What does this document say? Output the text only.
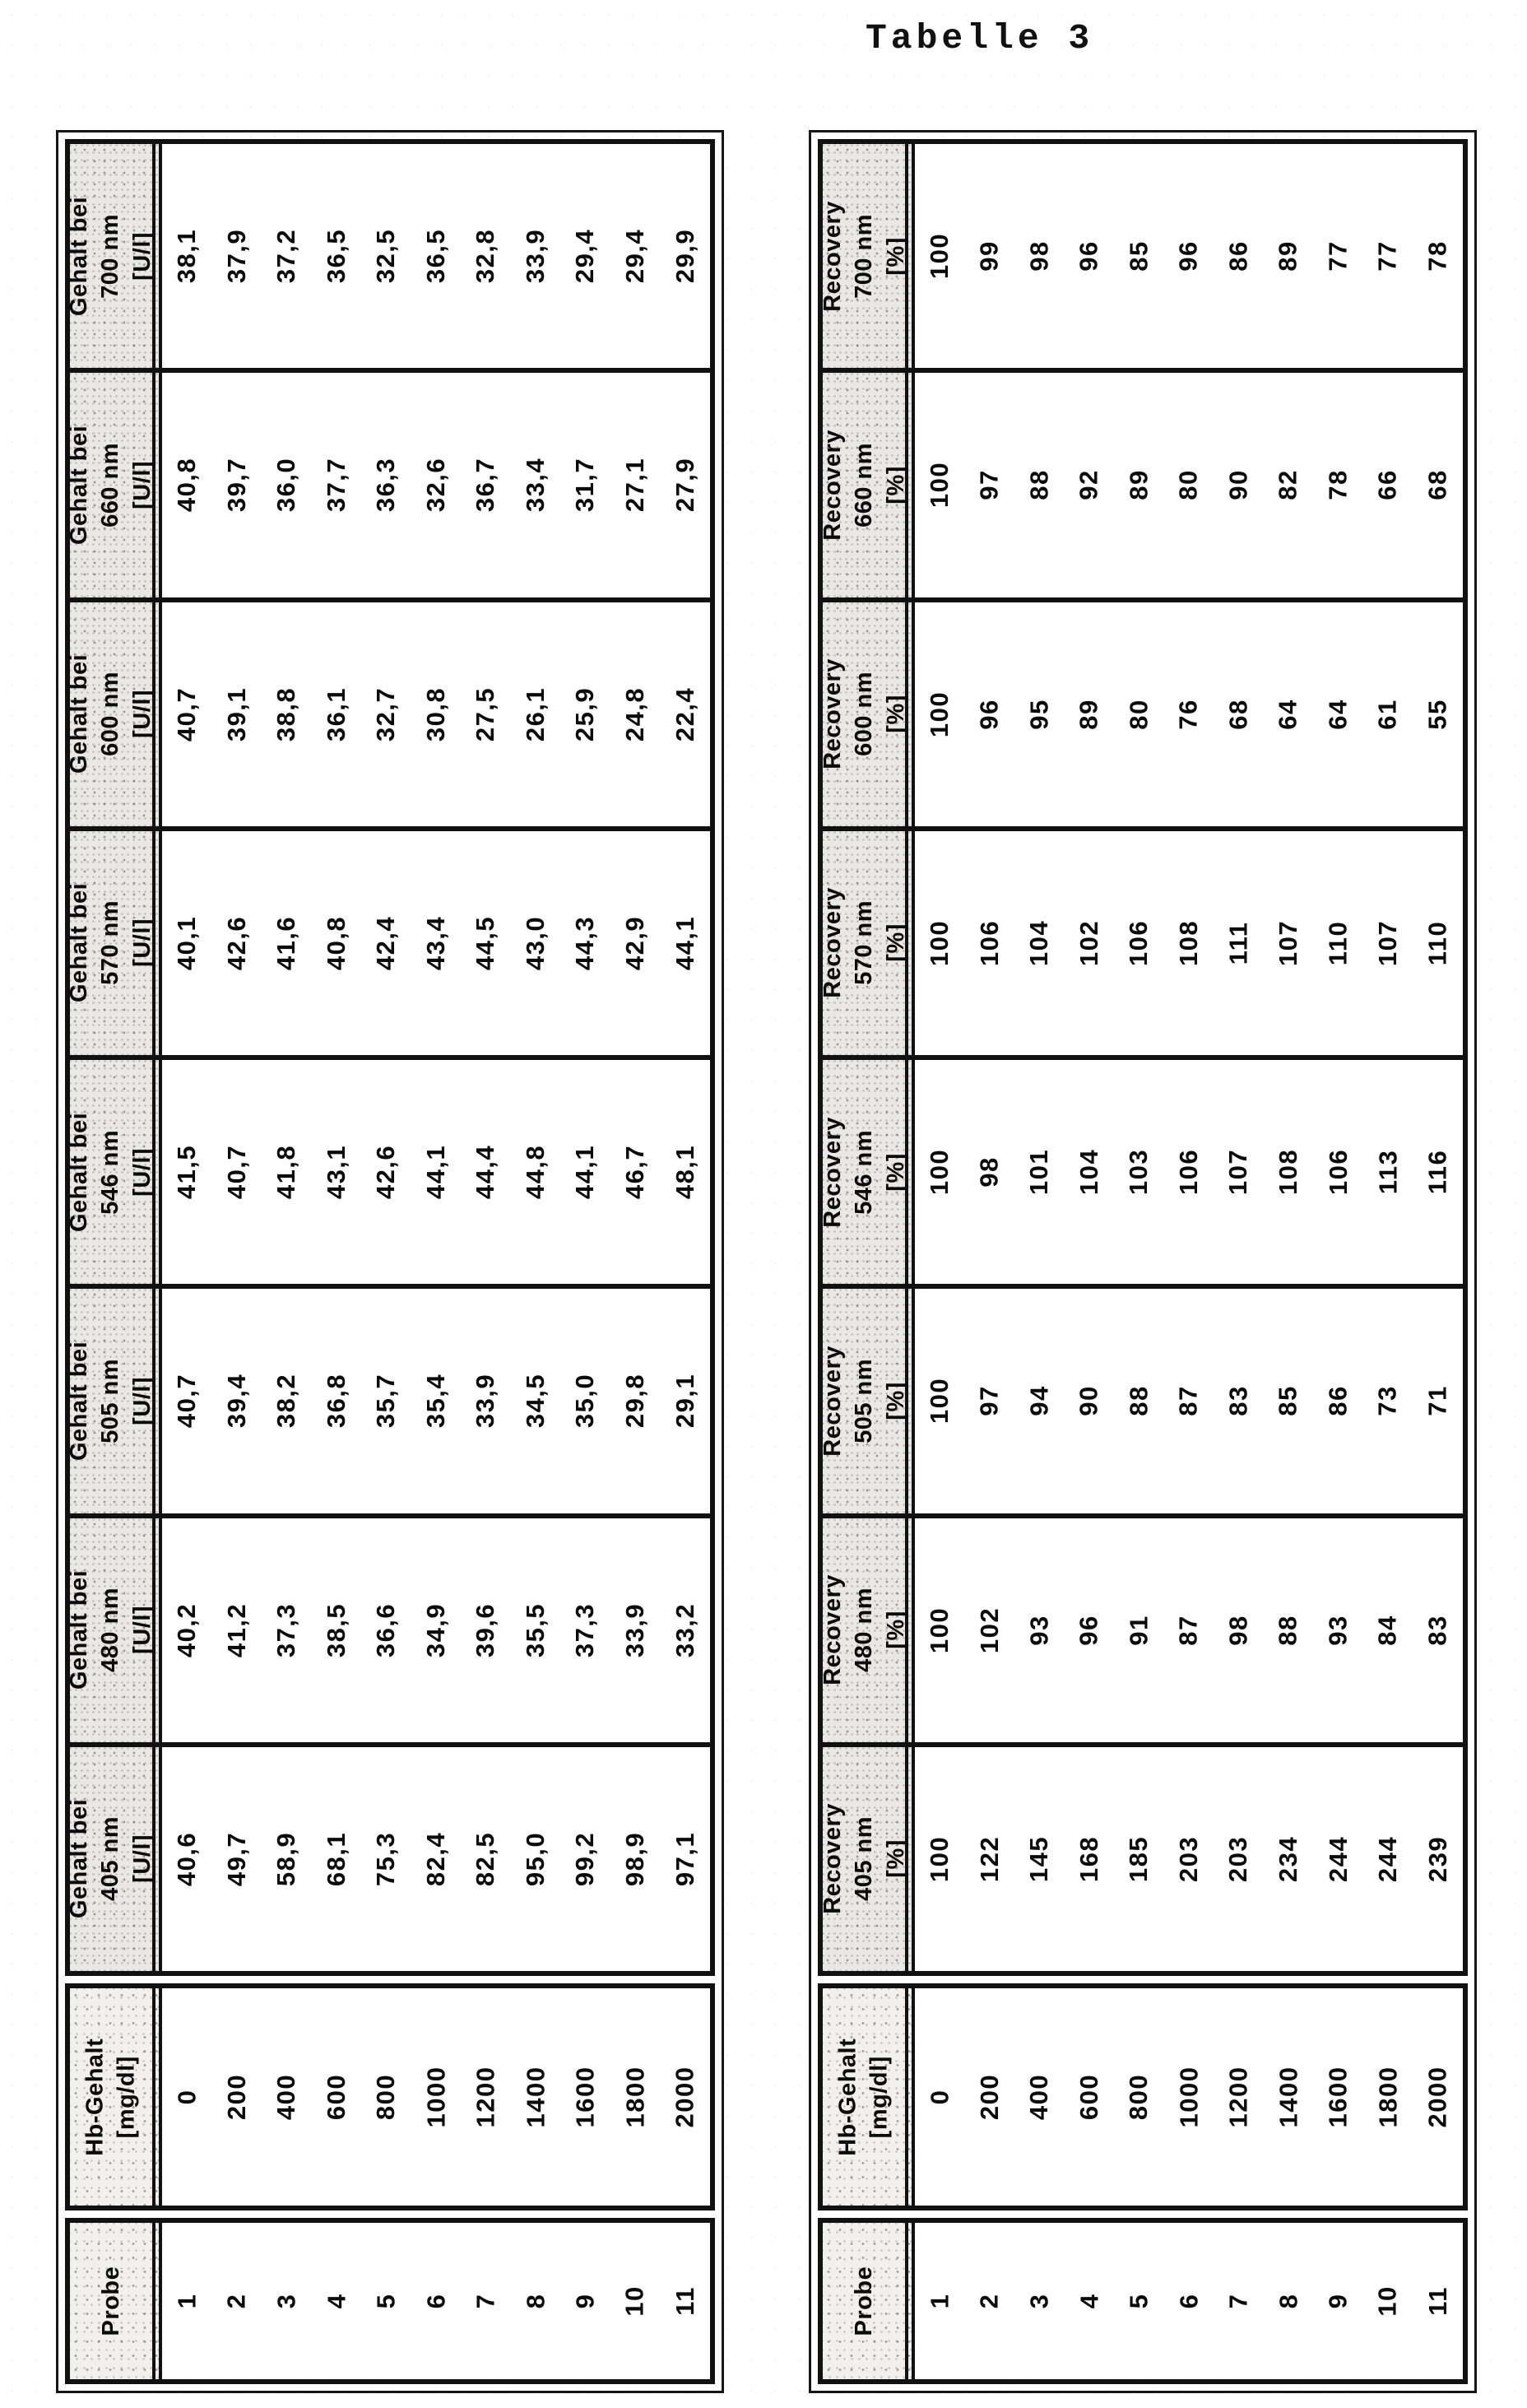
Tabelle 3
Gehalt bei 700 nm [U/l] 38,1 37,9 37,2 36,5 32,5 36,5 32,8 33,9 29,4 29,4 29,9
Gehalt bei 660 nm [U/l] 40,8 39,7 36,0 37,7 36,3 32,6 36,7 33,4 31,7 27,1 27,9
Gehalt bei 600 nm [U/l] 40,7 39,1 38,8 36,1 32,7 30,8 27,5 26,1 25,9 24,8 22,4
Gehalt bei 570 nm [U/l] 40,1 42,6 41,6 40,8 42,4 43,4 44,5 43,0 44,3 42,9 44,1
Gehalt bei 546 nm [U/l] 41,5 40,7 41,8 43,1 42,6 44,1 44,4 44,8 44,1 46,7 48,1
Gehalt bei 505 nm [U/l] 40,7 39,4 38,2 36,8 35,7 35,4 33,9 34,5 35,0 29,8 29,1
Gehalt bei 480 nm [U/l] 40,2 41,2 37,3 38,5 36,6 34,9 39,6 35,5 37,3 33,9 33,2
Gehalt bei 405 nm [U/l] 40,6 49,7 58,9 68,1 75,3 82,4 82,5 95,0 99,2 98,9 97,1
Hb-Gehalt [mg/dl] 0 200 400 600 800 1000 1200 1400 1600 1800 2000
Probe 1 2 3 4 5 6 7 8 9 10 11
Recovery 700 nm [%] 100 99 98 96 85 96 86 89 77 77 78
Recovery 660 nm [%] 100 97 88 92 89 80 90 82 78 66 68
Recovery 600 nm [%] 100 96 95 89 80 76 68 64 64 61 55
Recovery 570 nm [%] 100 106 104 102 106 108 111 107 110 107 110
Recovery 546 nm [%] 100 98 101 104 103 106 107 108 106 113 116
Recovery 505 nm [%] 100 97 94 90 88 87 83 85 86 73 71
Recovery 480 nm [%] 100 102 93 96 91 87 98 88 93 84 83
Recovery 405 nm [%] 100 122 145 168 185 203 203 234 244 244 239
Hb-Gehalt [mg/dl] 0 200 400 600 800 1000 1200 1400 1600 1800 2000
Probe 1 2 3 4 5 6 7 8 9 10 11
